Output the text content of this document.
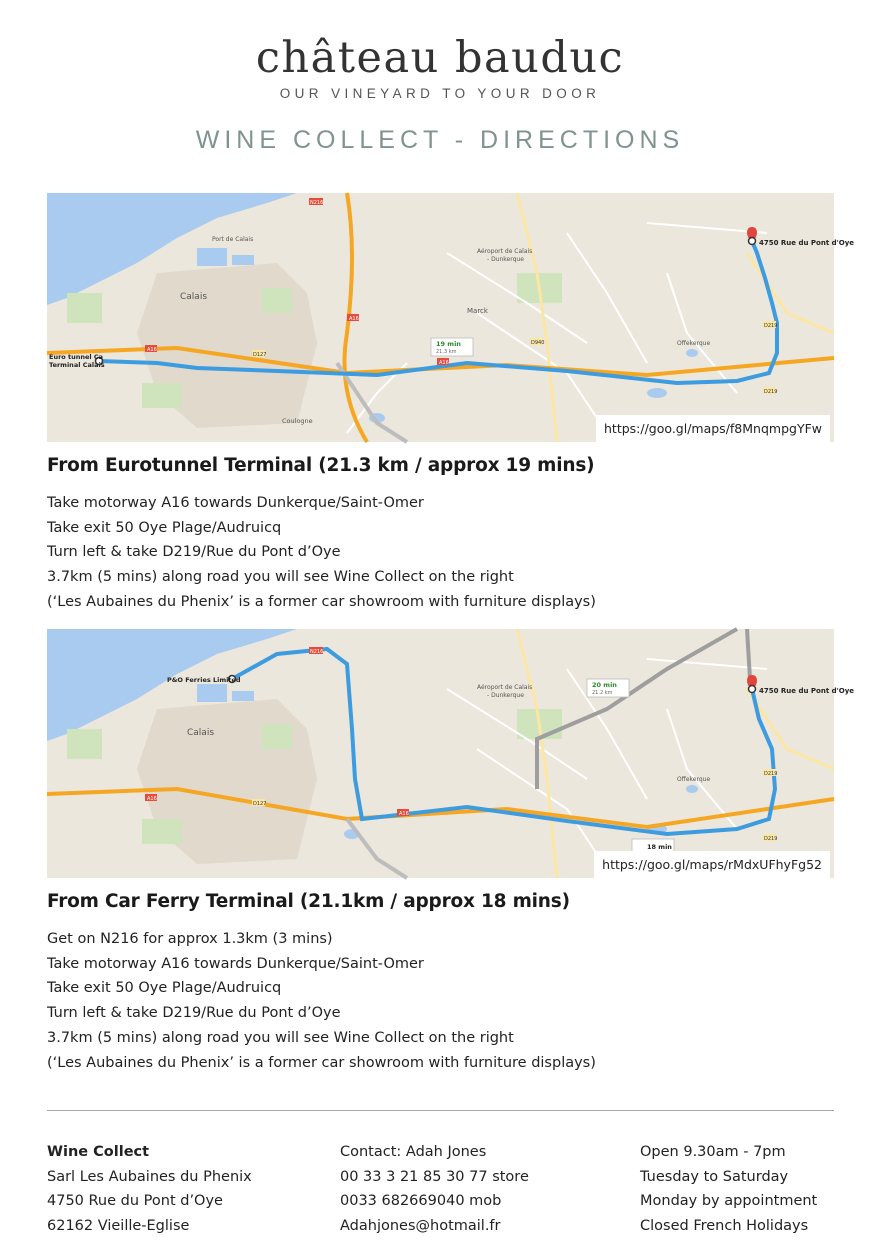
château bauduc
OUR VINEYARD TO YOUR DOOR
WINE COLLECT - DIRECTIONS
4750 Rue du Pont d'Oye
Euro tunnel Ca
Terminal Calais
Calais
Marck
Coulogne
Offekerque
Aéroport de Calais
- Dunkerque
Port de Calais
A16
A16
A16
N216
D219
D219
D940
D127
19 min
21.3 km
https://goo.gl/maps/f8MnqmpgYFw
From Eurotunnel Terminal (21.3 km / approx 19 mins)
Take motorway A16 towards Dunkerque/Saint-Omer
Take exit 50 Oye Plage/Audruicq
Turn left & take D219/Rue du Pont d’Oye
3.7km (5 mins) along road you will see Wine Collect on the right
(‘Les Aubaines du Phenix’ is a former car showroom with furniture displays)
4750 Rue du Pont d'Oye
P&O Ferries Limited
Calais
Offekerque
Aéroport de Calais
- Dunkerque
A16
A16
N216
D219
D219
D127
20 min
21.2 km
18 min
https://goo.gl/maps/rMdxUFhyFg52
From Car Ferry Terminal (21.1km / approx 18 mins)
Get on N216 for approx 1.3km (3 mins)
Take motorway A16 towards Dunkerque/Saint-Omer
Take exit 50 Oye Plage/Audruicq
Turn left & take D219/Rue du Pont d’Oye
3.7km (5 mins) along road you will see Wine Collect on the right
(‘Les Aubaines du Phenix’ is a former car showroom with furniture displays)
Wine Collect
Sarl Les Aubaines du Phenix
4750 Rue du Pont d’Oye
62162 Vieille-Eglise
Contact: Adah Jones
00 33 3 21 85 30 77 store
0033 682669040 mob
Adahjones@hotmail.fr
Open 9.30am - 7pm
Tuesday to Saturday
Monday by appointment
Closed French Holidays
